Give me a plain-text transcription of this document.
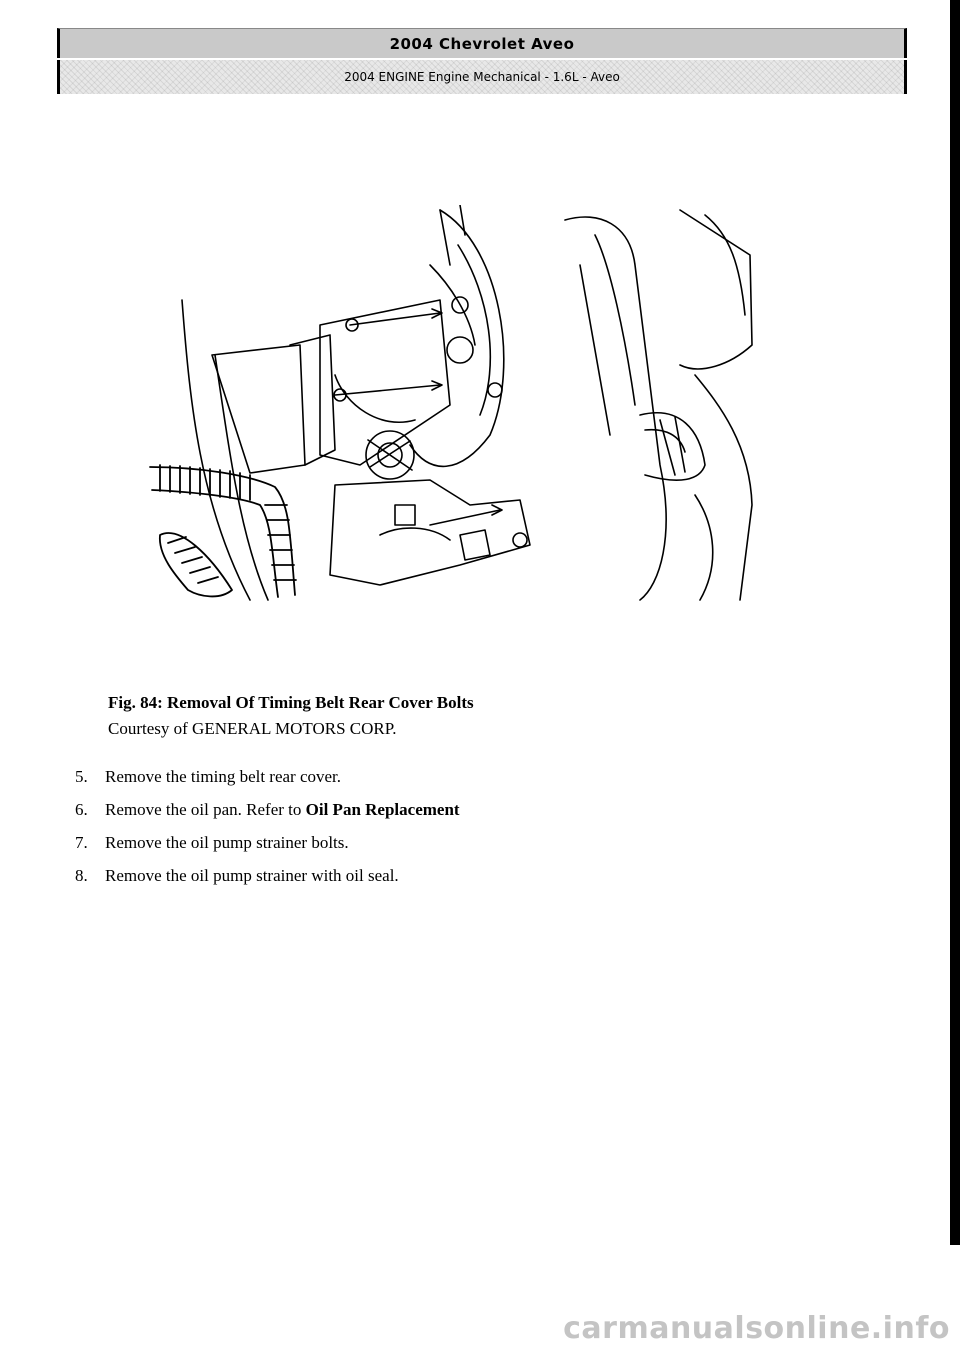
2004 Chevrolet Aveo
2004 ENGINE Engine Mechanical - 1.6L - Aveo
Fig. 84: Removal Of Timing Belt Rear Cover Bolts
Courtesy of GENERAL MOTORS CORP.
5.	Remove the timing belt rear cover.
6.	Remove the oil pan. Refer to Oil Pan Replacement
7.	Remove the oil pump strainer bolts.
8.	Remove the oil pump strainer with oil seal.
carmanualsonline.info
